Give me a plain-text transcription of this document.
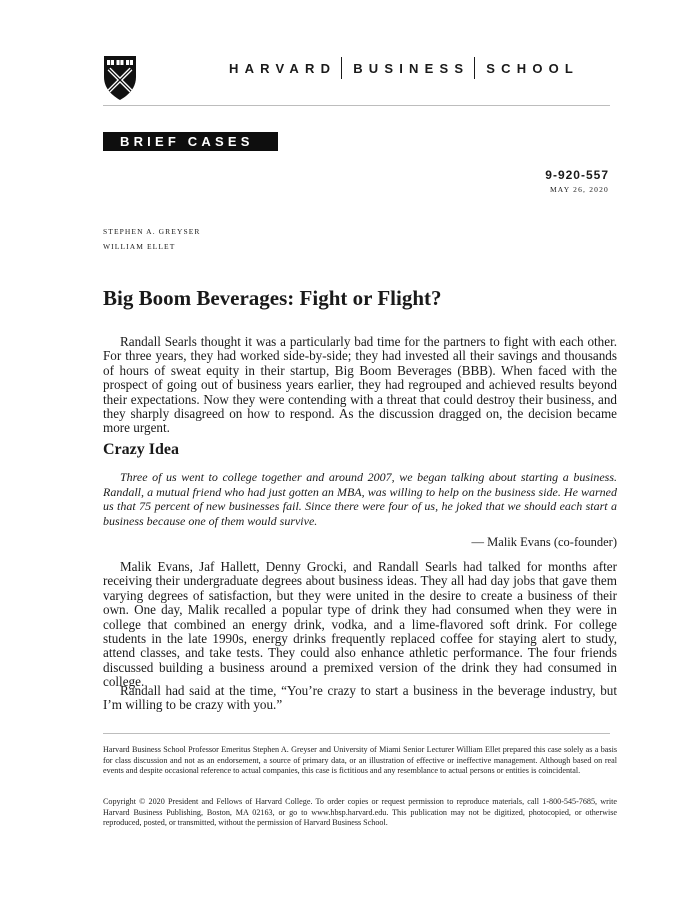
HARVARD BUSINESS SCHOOL
BRIEF CASES
9-920-557
MAY 26, 2020
STEPHEN A. GREYSER
WILLIAM ELLET
Big Boom Beverages: Fight or Flight?

Randall Searls thought it was a particularly bad time for the partners to fight with each other. For three years, they had worked side-by-side; they had invested all their savings and thousands of hours of sweat equity in their startup, Big Boom Beverages (BBB). When faced with the prospect of going out of business years earlier, they had regrouped and achieved results beyond their expectations. Now they were contending with a threat that could destroy their business, and they sharply disagreed on how to respond. As the discussion dragged on, the decision became more urgent.

Crazy Idea

Three of us went to college together and around 2007, we began talking about starting a business. Randall, a mutual friend who had just gotten an MBA, was willing to help on the business side. He warned us that 75 percent of new businesses fail. Since there were four of us, he joked that we should each start a business because one of them would survive.

— Malik Evans (co-founder)

Malik Evans, Jaf Hallett, Denny Grocki, and Randall Searls had talked for months after receiving their undergraduate degrees about business ideas. They all had day jobs that gave them varying degrees of satisfaction, but they were united in the desire to create a business of their own. One day, Malik recalled a popular type of drink they had consumed when they were in college that combined an energy drink, vodka, and a lime-flavored soft drink. For college students in the late 1990s, energy drinks frequently replaced coffee for staying alert to study, attend classes, and take tests. They could also enhance athletic performance. The four friends discussed building a business around a premixed version of the drink they had consumed in college.

Randall had said at the time, “You’re crazy to start a business in the beverage industry, but I’m willing to be crazy with you.”

Harvard Business School Professor Emeritus Stephen A. Greyser and University of Miami Senior Lecturer William Ellet prepared this case solely as a basis for class discussion and not as an endorsement, a source of primary data, or an illustration of effective or ineffective management. Although based on real events and despite occasional reference to actual companies, this case is fictitious and any resemblance to actual persons or entities is coincidental.

Copyright © 2020 President and Fellows of Harvard College. To order copies or request permission to reproduce materials, call 1-800-545-7685, write Harvard Business Publishing, Boston, MA 02163, or go to www.hbsp.harvard.edu. This publication may not be digitized, photocopied, or otherwise reproduced, posted, or transmitted, without the permission of Harvard Business School.
